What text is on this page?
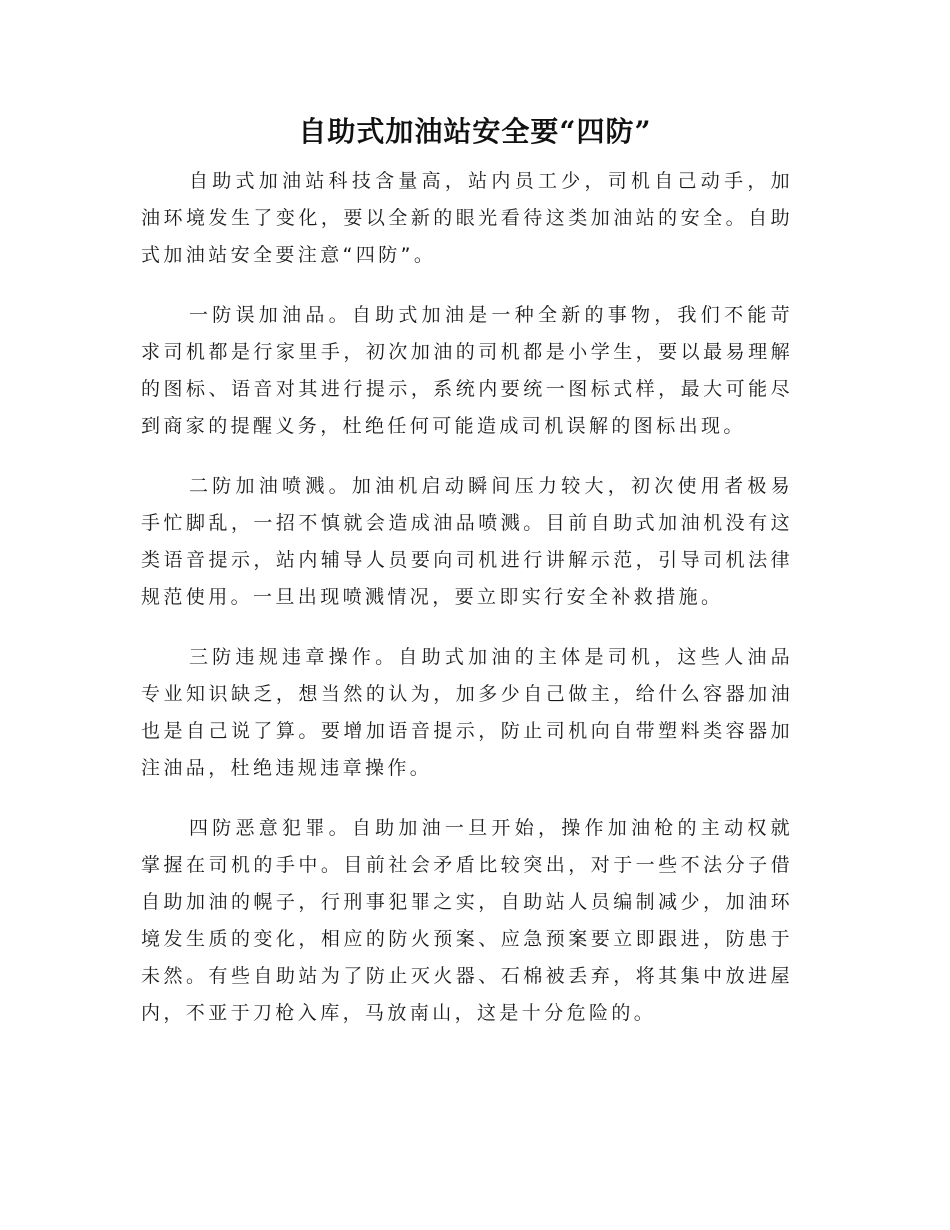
自助式加油站安全要“四防”

自助式加油站科技含量高，站内员工少，司机自己动手，加油环境发生了变化，要以全新的眼光看待这类加油站的安全。自助式加油站安全要注意“四防”。

一防误加油品。自助式加油是一种全新的事物，我们不能苛求司机都是行家里手，初次加油的司机都是小学生，要以最易理解的图标、语音对其进行提示，系统内要统一图标式样，最大可能尽到商家的提醒义务，杜绝任何可能造成司机误解的图标出现。

二防加油喷溅。加油机启动瞬间压力较大，初次使用者极易手忙脚乱，一招不慎就会造成油品喷溅。目前自助式加油机没有这类语音提示，站内辅导人员要向司机进行讲解示范，引导司机法律规范使用。一旦出现喷溅情况，要立即实行安全补救措施。

三防违规违章操作。自助式加油的主体是司机，这些人油品专业知识缺乏，想当然的认为，加多少自己做主，给什么容器加油也是自己说了算。要增加语音提示，防止司机向自带塑料类容器加注油品，杜绝违规违章操作。

四防恶意犯罪。自助加油一旦开始，操作加油枪的主动权就掌握在司机的手中。目前社会矛盾比较突出，对于一些不法分子借自助加油的幌子，行刑事犯罪之实，自助站人员编制减少，加油环境发生质的变化，相应的防火预案、应急预案要立即跟进，防患于未然。有些自助站为了防止灭火器、石棉被丢弃，将其集中放进屋内，不亚于刀枪入库，马放南山，这是十分危险的。
